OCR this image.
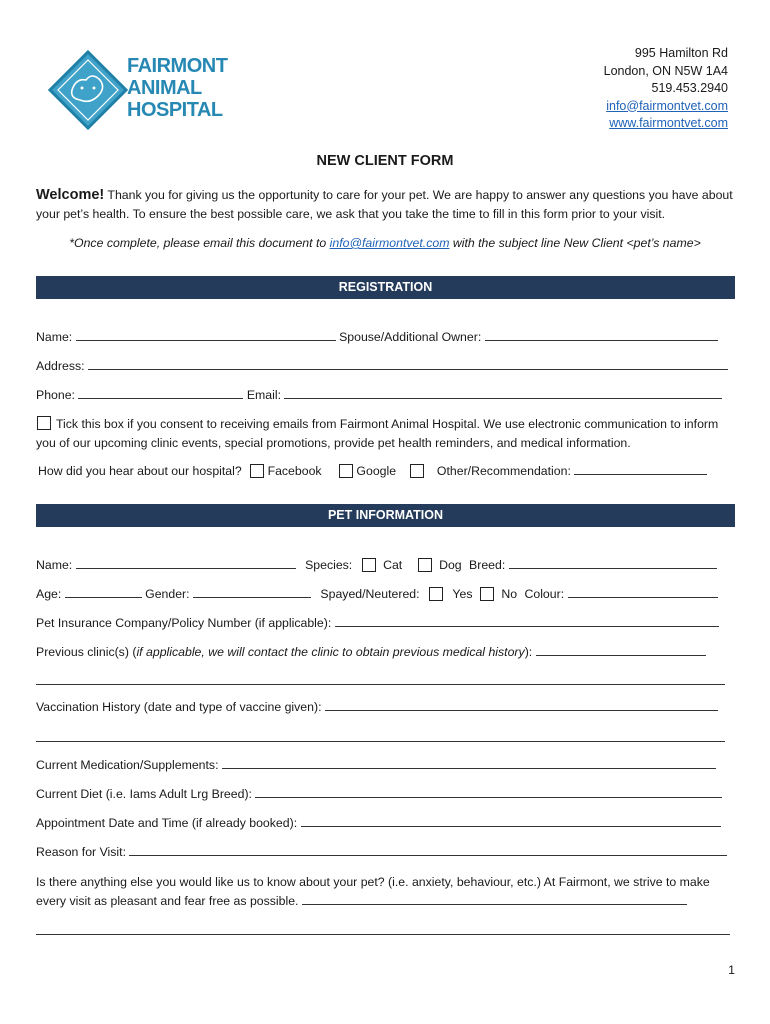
FAIRMONT
ANIMAL
HOSPITAL
995 Hamilton Rd
London, ON N5W 1A4
519.453.2940
info@fairmontvet.com
www.fairmontvet.com
NEW CLIENT FORM
Welcome! Thank you for giving us the opportunity to care for your pet. We are happy to answer any questions you have about your pet’s health. To ensure the best possible care, we ask that you take the time to fill in this form prior to your visit.
*Once complete, please email this document to info@fairmontvet.com with the subject line New Client <pet’s name>
REGISTRATION
Name:	Spouse/Additional Owner:
Address:
Phone:	Email:
Tick this box if you consent to receiving emails from Fairmont Animal Hospital. We use electronic communication to inform you of our upcoming clinic events, special promotions, provide pet health reminders, and medical information.
How did you hear about our hospital? Facebook	Google	Other/Recommendation:
PET INFORMATION
Name:	Species:	Cat	Dog Breed:
Age:	Gender:	Spayed/Neutered:	Yes No Colour:
Pet Insurance Company/Policy Number (if applicable):
Previous clinic(s) (if applicable, we will contact the clinic to obtain previous medical history):
Vaccination History (date and type of vaccine given):
Current Medication/Supplements:
Current Diet (i.e. Iams Adult Lrg Breed):
Appointment Date and Time (if already booked):
Reason for Visit:
Is there anything else you would like us to know about your pet? (i.e. anxiety, behaviour, etc.) At Fairmont, we strive to make every visit as pleasant and fear free as possible.
1
